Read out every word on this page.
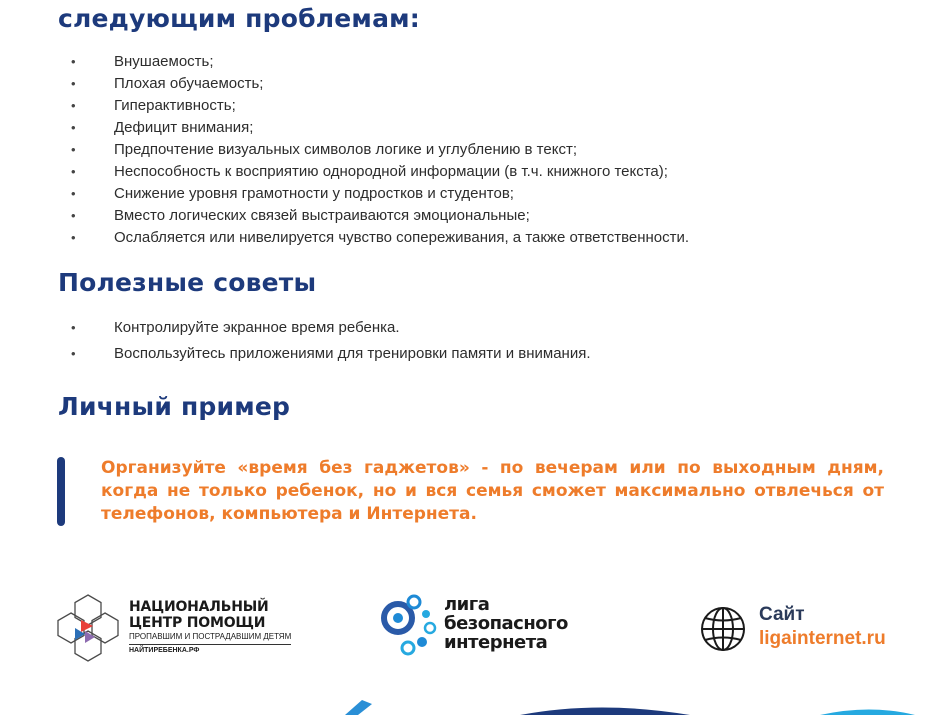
следующим проблемам:
•	Внушаемость;
•	Плохая обучаемость;
•	Гиперактивность;
•	Дефицит внимания;
•	Предпочтение визуальных символов логике и углублению в текст;
•	Неспособность к восприятию однородной информации (в т.ч. книжного текста);
•	Снижение уровня грамотности у подростков и студентов;
•	Вместо логических связей выстраиваются эмоциональные;
•	Ослабляется или нивелируется чувство сопереживания, а также ответственности.
Полезные советы
•	Контролируйте экранное время ребенка.
•	Воспользуйтесь приложениями для тренировки памяти и внимания.
Личный пример

Организуйте «время без гаджетов» - по вечерам или по выходным дням, когда не только ребенок, но и вся семья сможет максимально отвлечься от телефонов, компьютера и Интернета.

НАЦИОНАЛЬНЫЙ
ЦЕНТР ПОМОЩИ
ПРОПАВШИМ И ПОСТРАДАВШИМ ДЕТЯМ
НАЙТИРЕБЕНКА.РФ
лига
безопасного
интернета
Сайт
ligainternet.ru
